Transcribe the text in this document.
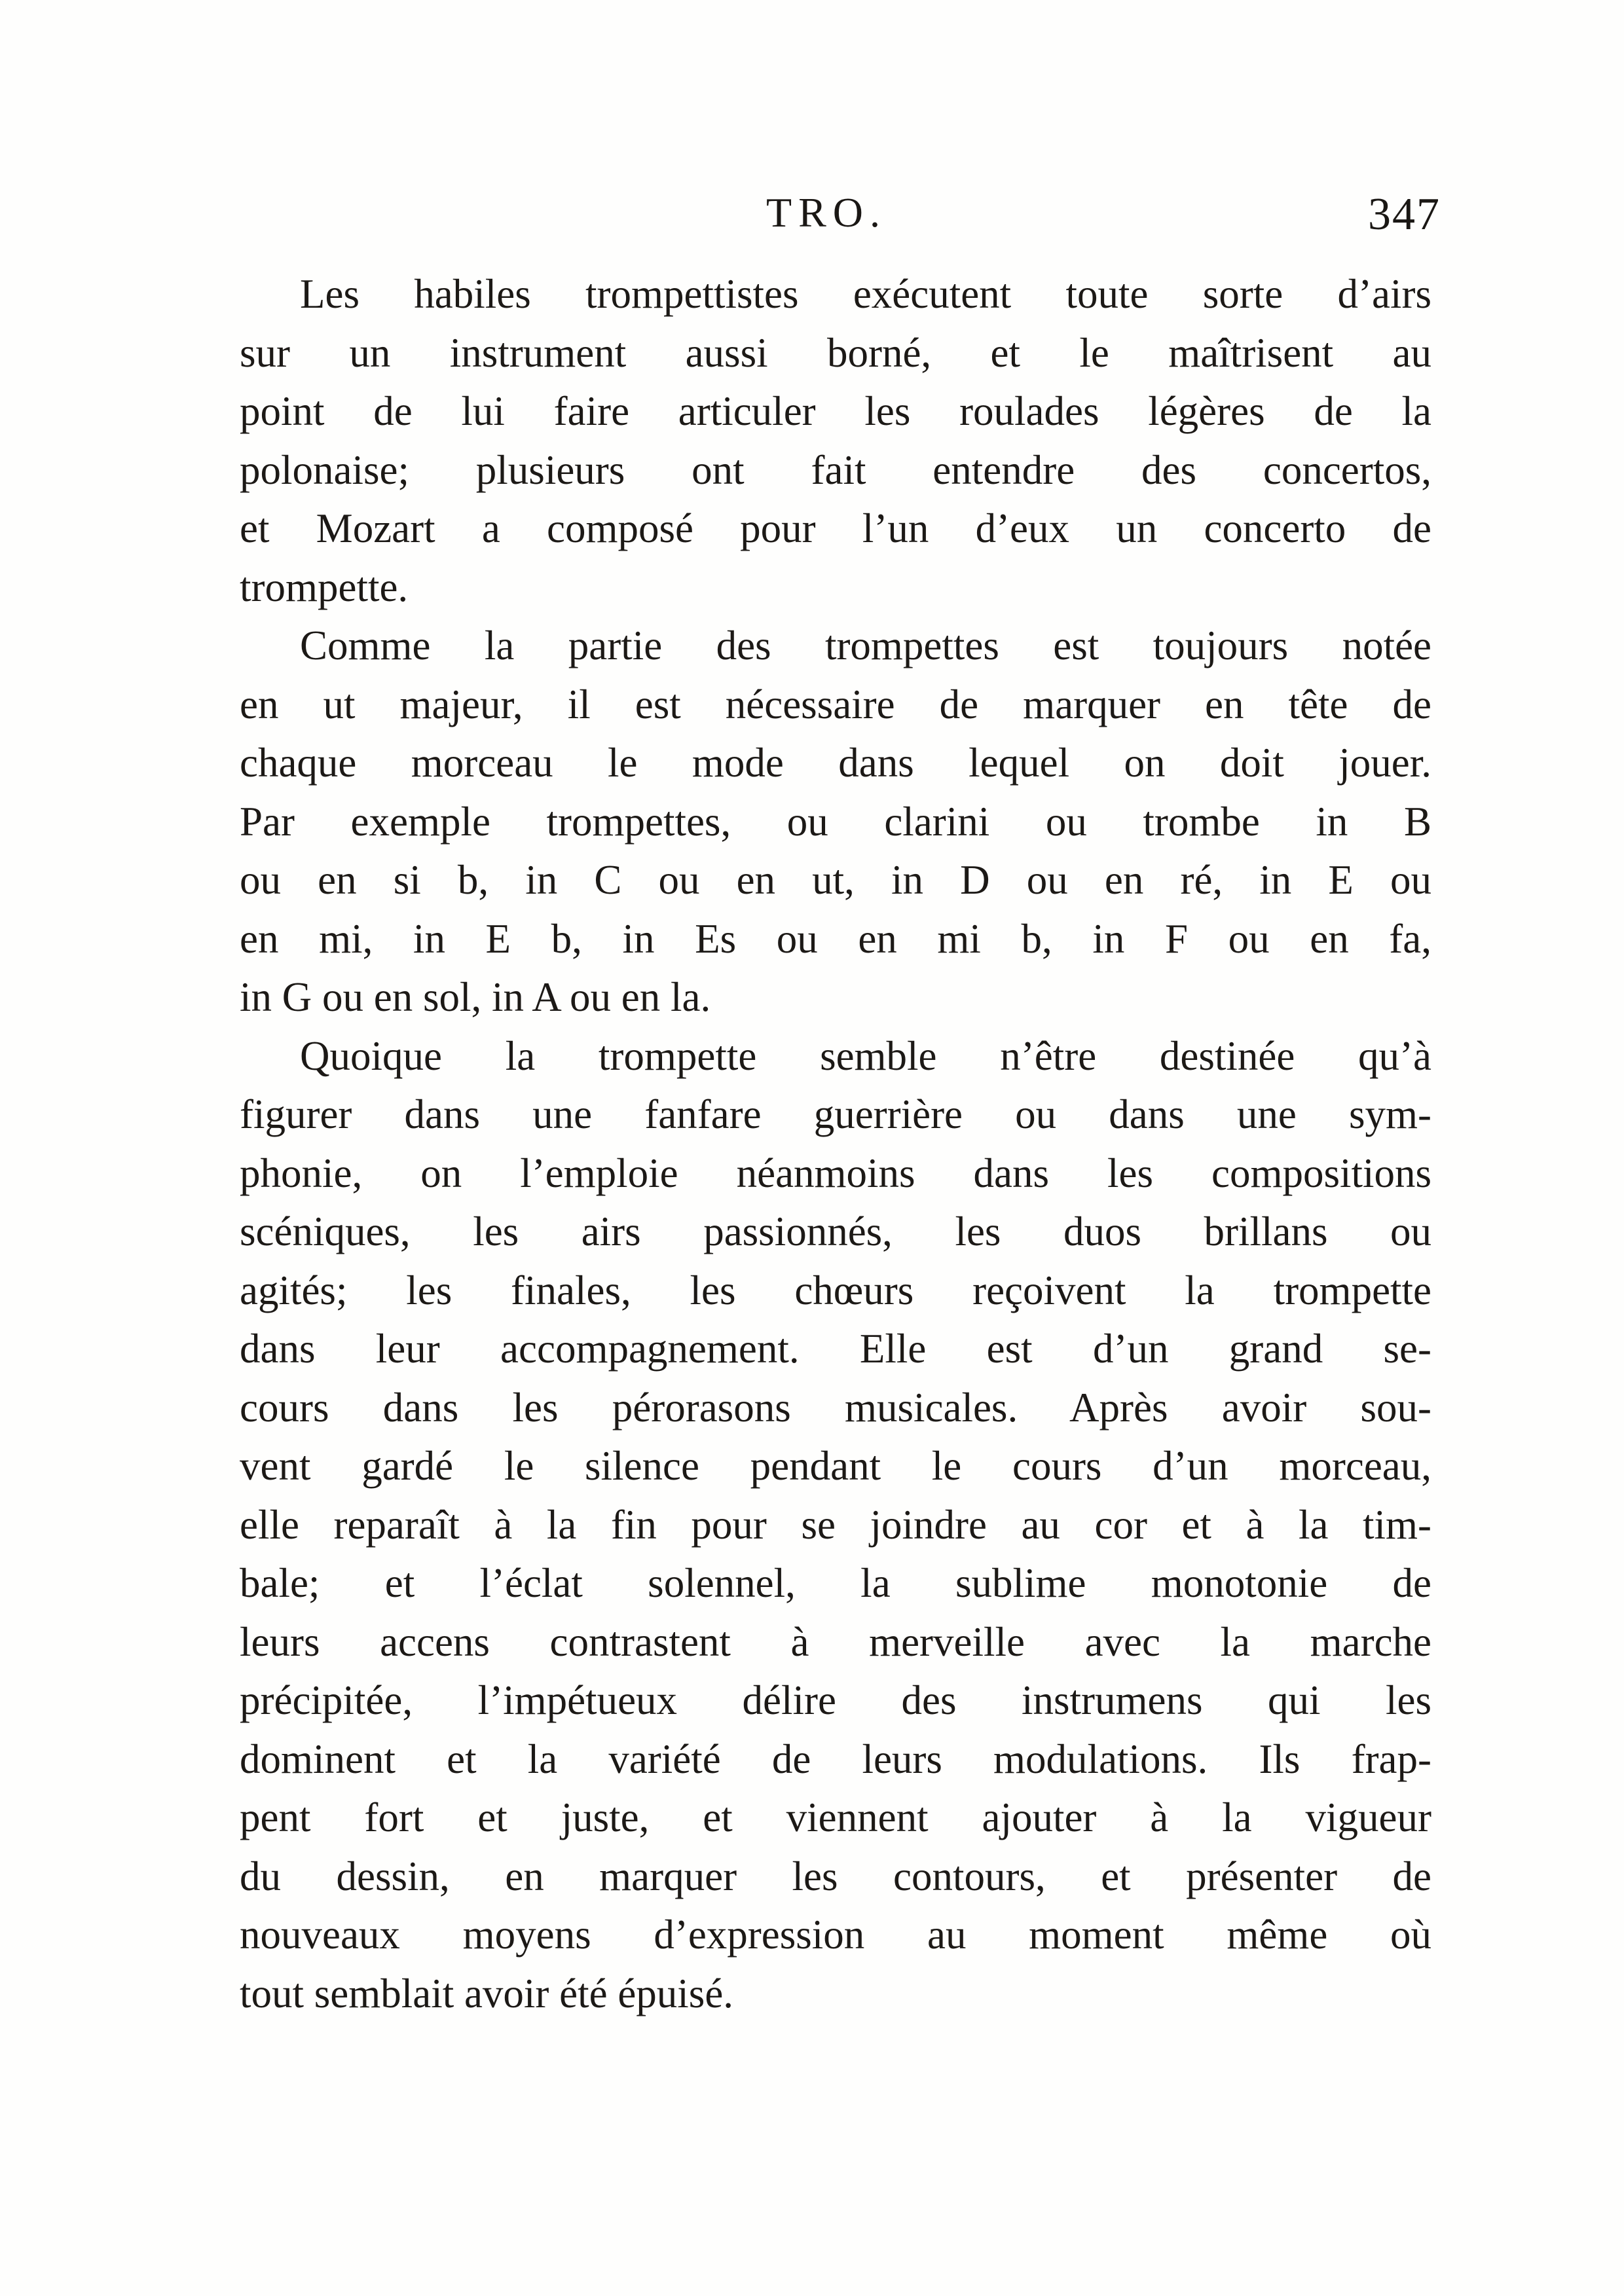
TRO.	347
Les habiles trompettistes exécutent toute sorte d’airs
sur un instrument aussi borné, et le maîtrisent au
point de lui faire articuler les roulades légères de la
polonaise; plusieurs ont fait entendre des concertos,
et Mozart a composé pour l’un d’eux un concerto de
trompette.
Comme la partie des trompettes est toujours notée
en ut majeur, il est nécessaire de marquer en tête de
chaque morceau le mode dans lequel on doit jouer.
Par exemple trompettes, ou clarini ou trombe in B
ou en si b, in C ou en ut, in D ou en ré, in E ou
en mi, in E b, in Es ou en mi b, in F ou en fa,
in G ou en sol, in A ou en la.
Quoique la trompette semble n’être destinée qu’à
figurer dans une fanfare guerrière ou dans une sym-
phonie, on l’emploie néanmoins dans les compositions
scéniques, les airs passionnés, les duos brillans ou
agités; les finales, les chœurs reçoivent la trompette
dans leur accompagnement. Elle est d’un grand se-
cours dans les pérorasons musicales. Après avoir sou-
vent gardé le silence pendant le cours d’un morceau,
elle reparaît à la fin pour se joindre au cor et à la tim-
bale; et l’éclat solennel, la sublime monotonie de
leurs accens contrastent à merveille avec la marche
précipitée, l’impétueux délire des instrumens qui les
dominent et la variété de leurs modulations. Ils frap-
pent fort et juste, et viennent ajouter à la vigueur
du dessin, en marquer les contours, et présenter de
nouveaux moyens d’expression au moment même où
tout semblait avoir été épuisé.
